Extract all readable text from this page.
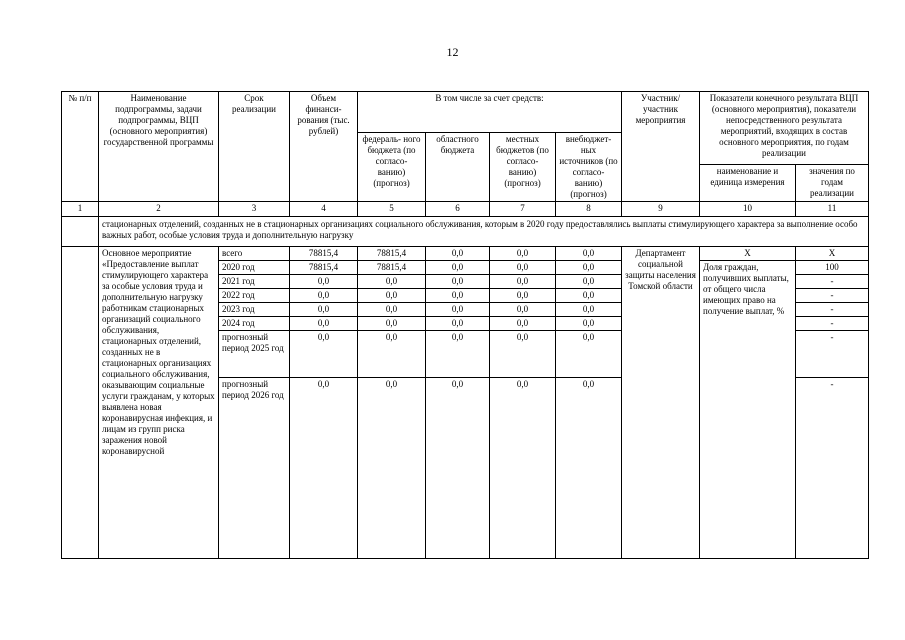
12
№ п/п	Наименование подпрограммы, задачи подпрограммы, ВЦП (основного мероприятия) государственной программы	Срок реализации	Объем финанси- рования (тыс. рублей)	В том числе за счет средств:				Участник/ участник мероприятия	Показатели конечного результата ВЦП (основного мероприятия), показатели непосредственного результата мероприятий, входящих в состав основного мероприятия, по годам реализации	
				федераль- ного бюджета (по согласо- ванию) (прогноз)	областного бюджета	местных бюджетов (по согласо- ванию) (прогноз)	внебюджет- ных источников (по согласо- ванию) (прогноз)			
									наименование и единица измерения	значения по годам реализации
1	2	3	4	5	6	7	8	9	10	11
	стационарных отделений, созданных не в стационарных организациях социального обслуживания, которым в 2020 году предоставлялись выплаты стимулирующего характера за выполнение особо важных работ, особые условия труда и дополнительную нагрузку									
	Основное мероприятие «Предоставление выплат стимулирующего характера за особые условия труда и дополнительную нагрузку работникам стационарных организаций социального обслуживания, стационарных отделений, созданных не в стационарных организациях социального обслуживания, оказывающим социальные услуги гражданам, у которых выявлена новая коронавирусная инфекция, и лицам из групп риска заражения новой коронавирусной	всего	78815,4	78815,4	0,0	0,0	0,0	Департамент социальной защиты населения Томской области	X	X
		2020 год	78815,4	78815,4	0,0	0,0	0,0		Доля граждан, получивших выплаты, от общего числа имеющих право на получение выплат, %	100
		2021 год	0,0	0,0	0,0	0,0	0,0			-
		2022 год	0,0	0,0	0,0	0,0	0,0			-
		2023 год	0,0	0,0	0,0	0,0	0,0			-
		2024 год	0,0	0,0	0,0	0,0	0,0			-
		прогнозный период 2025 год	0,0	0,0	0,0	0,0	0,0			-
		прогнозный период 2026 год	0,0	0,0	0,0	0,0	0,0			-
